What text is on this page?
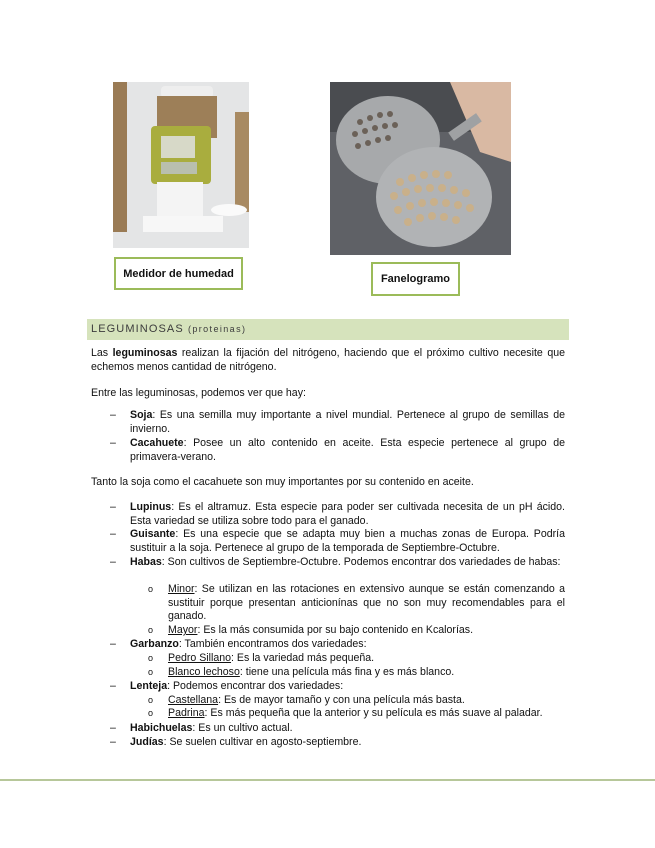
Medidor de humedad	Fanelogramo
LEGUMINOSAS (proteinas)
Las leguminosas realizan la fijación del nitrógeno, haciendo que el próximo cultivo necesite que echemos menos cantidad de nitrógeno.
Entre las leguminosas, podemos ver que hay:
– Soja: Es una semilla muy importante a nivel mundial. Pertenece al grupo de semillas de invierno.
– Cacahuete: Posee un alto contenido en aceite. Esta especie pertenece al grupo de primavera-verano.
Tanto la soja como el cacahuete son muy importantes por su contenido en aceite.
– Lupinus: Es el altramuz. Esta especie para poder ser cultivada necesita de un pH ácido. Esta variedad se utiliza sobre todo para el ganado.
– Guisante: Es una especie que se adapta muy bien a muchas zonas de Europa. Podría sustituir a la soja. Pertenece al grupo de la temporada de Septiembre-Octubre.
– Habas: Son cultivos de Septiembre-Octubre. Podemos encontrar dos variedades de habas:
o Minor: Se utilizan en las rotaciones en extensivo aunque se están comenzando a sustituir porque presentan anticionínas que no son muy recomendables para el ganado.
o Mayor: Es la más consumida por su bajo contenido en Kcalorías.
– Garbanzo: También encontramos dos variedades:
o Pedro Sillano: Es la variedad más pequeña.
o Blanco lechoso: tiene una película más fina y es más blanco.
– Lenteja: Podemos encontrar dos variedades:
o Castellana: Es de mayor tamaño y con una película más basta.
o Padrina: Es más pequeña que la anterior y su película es más suave al paladar.
– Habichuelas: Es un cultivo actual.
– Judías: Se suelen cultivar en agosto-septiembre.
